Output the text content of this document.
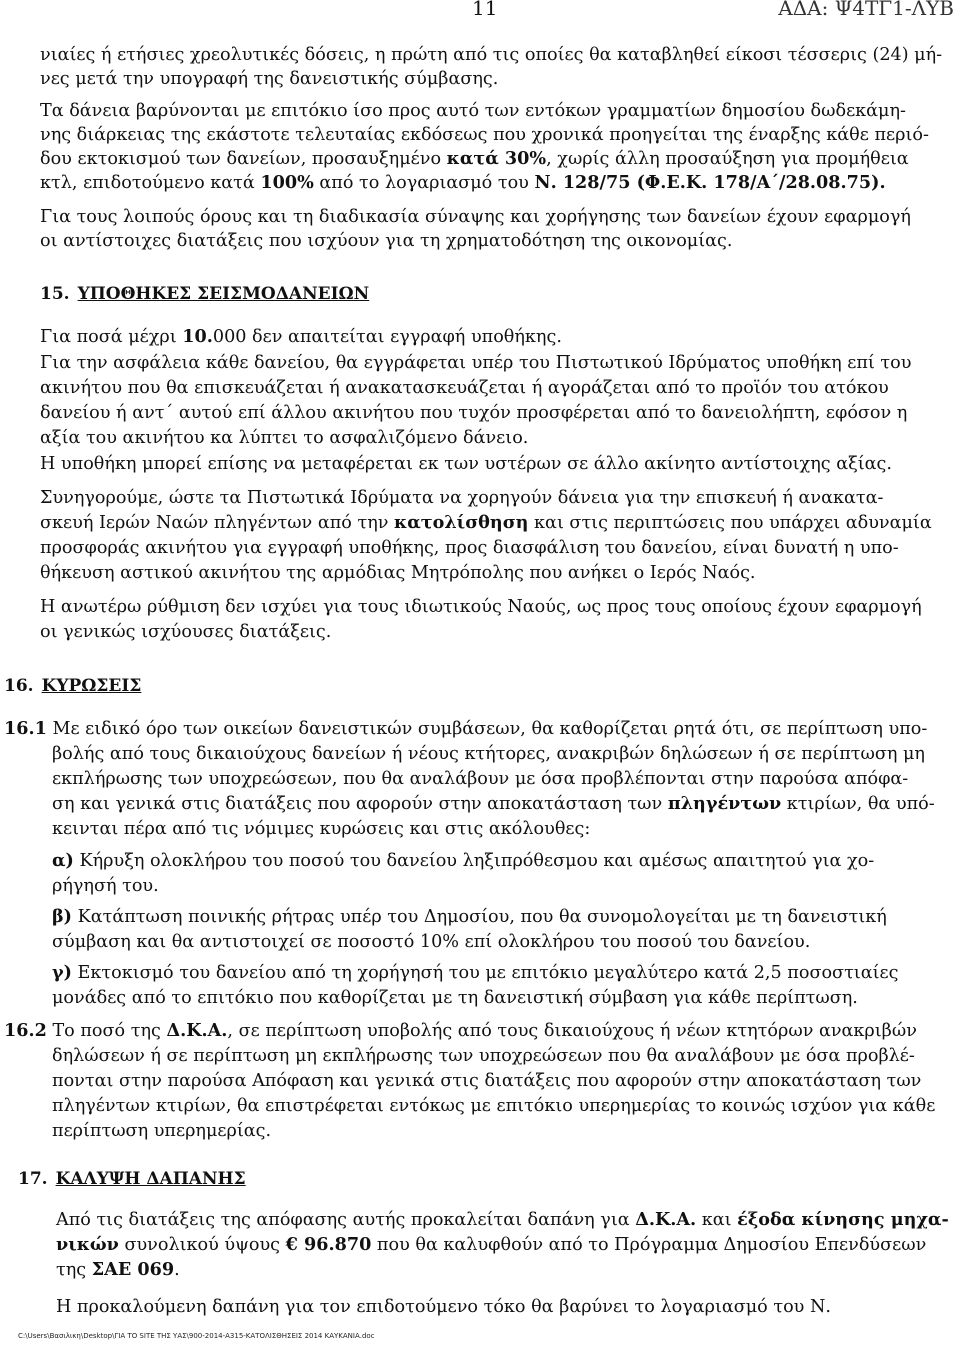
11	ΑΔΑ: Ψ4ΤΓ1-ΛΥΒ
νιαίες ή ετήσιες χρεολυτικές δόσεις, η πρώτη από τις οποίες θα καταβληθεί είκοσι τέσσερις (24) μή-
νες μετά την υπογραφή της δανειστικής σύμβασης.
Τα δάνεια βαρύνονται με επιτόκιο ίσο προς αυτό των εντόκων γραμματίων δημοσίου δωδεκάμη-
νης διάρκειας της εκάστοτε τελευταίας εκδόσεως που χρονικά προηγείται της έναρξης κάθε περιό-
δου εκτοκισμού των δανείων, προσαυξημένο κατά 30%, χωρίς άλλη προσαύξηση για προμήθεια
κτλ, επιδοτούμενο κατά 100% από το λογαριασμό του Ν. 128/75 (Φ.Ε.Κ. 178/Α΄/28.08.75).
Για τους λοιπούς όρους και τη διαδικασία σύναψης και χορήγησης των δανείων έχουν εφαρμογή
οι αντίστοιχες διατάξεις που ισχύουν για τη χρηματοδότηση της οικονομίας.
15. ΥΠΟΘΗΚΕΣ ΣΕΙΣΜΟΔΑΝΕΙΩΝ
Για ποσά μέχρι 10.000 δεν απαιτείται εγγραφή υποθήκης.
Για την ασφάλεια κάθε δανείου, θα εγγράφεται υπέρ του Πιστωτικού Ιδρύματος υποθήκη επί του
ακινήτου που θα επισκευάζεται ή ανακατασκευάζεται ή αγοράζεται από το προϊόν του ατόκου
δανείου ή αντ΄ αυτού επί άλλου ακινήτου που τυχόν προσφέρεται από το δανειολήπτη, εφόσον η
αξία του ακινήτου κα λύπτει το ασφαλιζόμενο δάνειο.
Η υποθήκη μπορεί επίσης να μεταφέρεται εκ των υστέρων σε άλλο ακίνητο αντίστοιχης αξίας.
Συνηγορούμε, ώστε τα Πιστωτικά Ιδρύματα να χορηγούν δάνεια για την επισκευή ή ανακατα-
σκευή Ιερών Ναών πληγέντων από την κατολίσθηση και στις περιπτώσεις που υπάρχει αδυναμία
προσφοράς ακινήτου για εγγραφή υποθήκης, προς διασφάλιση του δανείου, είναι δυνατή η υπο-
θήκευση αστικού ακινήτου της αρμόδιας Μητρόπολης που ανήκει ο Ιερός Ναός.
Η ανωτέρω ρύθμιση δεν ισχύει για τους ιδιωτικούς Ναούς, ως προς τους οποίους έχουν εφαρμογή
οι γενικώς ισχύουσες διατάξεις.
16. ΚΥΡΩΣΕΙΣ
16.1 Με ειδικό όρο των οικείων δανειστικών συμβάσεων, θα καθορίζεται ρητά ότι, σε περίπτωση υπο-
βολής από τους δικαιούχους δανείων ή νέους κτήτορες, ανακριβών δηλώσεων ή σε περίπτωση μη
εκπλήρωσης των υποχρεώσεων, που θα αναλάβουν με όσα προβλέπονται στην παρούσα απόφα-
ση και γενικά στις διατάξεις που αφορούν στην αποκατάσταση των πληγέντων κτιρίων, θα υπό-
κεινται πέρα από τις νόμιμες κυρώσεις και στις ακόλουθες:
α) Κήρυξη ολοκλήρου του ποσού του δανείου ληξιπρόθεσμου και αμέσως απαιτητού για χο-
ρήγησή του.
β) Κατάπτωση ποινικής ρήτρας υπέρ του Δημοσίου, που θα συνομολογείται με τη δανειστική
σύμβαση και θα αντιστοιχεί σε ποσοστό 10% επί ολοκλήρου του ποσού του δανείου.
γ) Εκτοκισμό του δανείου από τη χορήγησή του με επιτόκιο μεγαλύτερο κατά 2,5 ποσοστιαίες
μονάδες από το επιτόκιο που καθορίζεται με τη δανειστική σύμβαση για κάθε περίπτωση.
16.2 Το ποσό της Δ.Κ.Α., σε περίπτωση υποβολής από τους δικαιούχους ή νέων κτητόρων ανακριβών
δηλώσεων ή σε περίπτωση μη εκπλήρωσης των υποχρεώσεων που θα αναλάβουν με όσα προβλέ-
πονται στην παρούσα Απόφαση και γενικά στις διατάξεις που αφορούν στην αποκατάσταση των
πληγέντων κτιρίων, θα επιστρέφεται εντόκως με επιτόκιο υπερημερίας το κοινώς ισχύον για κάθε
περίπτωση υπερημερίας.
17. ΚΑΛΥΨΗ ΔΑΠΑΝΗΣ
Από τις διατάξεις της απόφασης αυτής προκαλείται δαπάνη για Δ.Κ.Α. και έξοδα κίνησης μηχα-
νικών συνολικού ύψους € 96.870 που θα καλυφθούν από το Πρόγραμμα Δημοσίου Επενδύσεων
της ΣΑΕ 069.
Η προκαλούμενη δαπάνη για τον επιδοτούμενο τόκο θα βαρύνει το λογαριασμό του Ν.
C:\Users\Βασιλικη\Desktop\ΓΙΑ ΤΟ SITE ΤΗΣ ΥΑΣ\900-2014-Α315-ΚΑΤΟΛΙΣΘΗΣΕΙΣ 2014 ΚΑΥΚΑΝΙΑ.doc
